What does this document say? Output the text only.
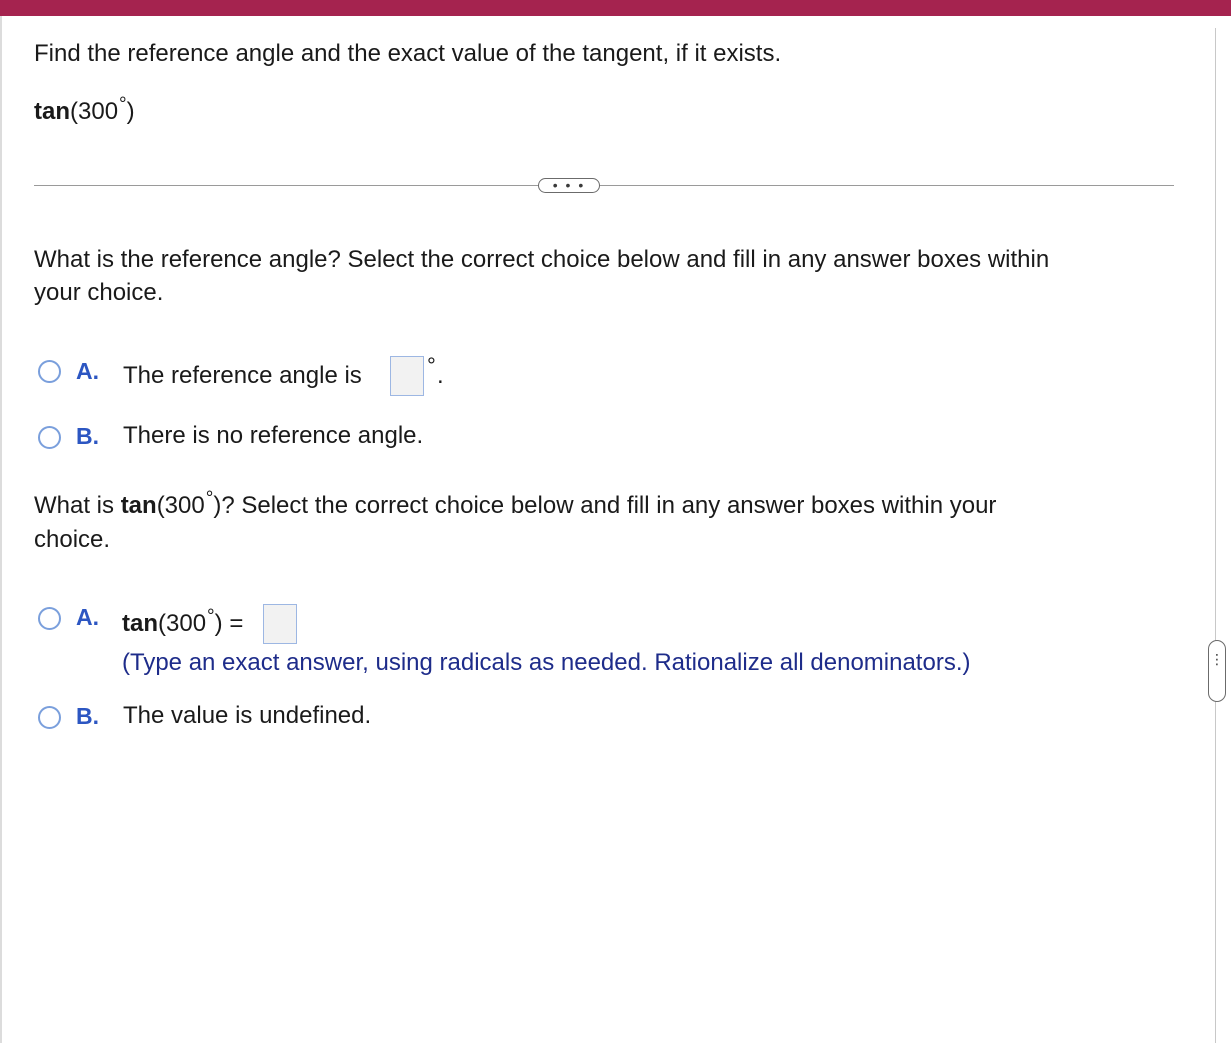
Find the reference angle and the exact value of the tangent, if it exists.
tan(300°)
• • •
What is the reference angle? Select the correct choice below and fill in any answer boxes within
your choice.
A. The reference angle is	° .
B. There is no reference angle.
What is tan(300°)? Select the correct choice below and fill in any answer boxes within your
choice.
A. tan(300°) =
(Type an exact answer, using radicals as needed. Rationalize all denominators.)
B. The value is undefined.
⋮
